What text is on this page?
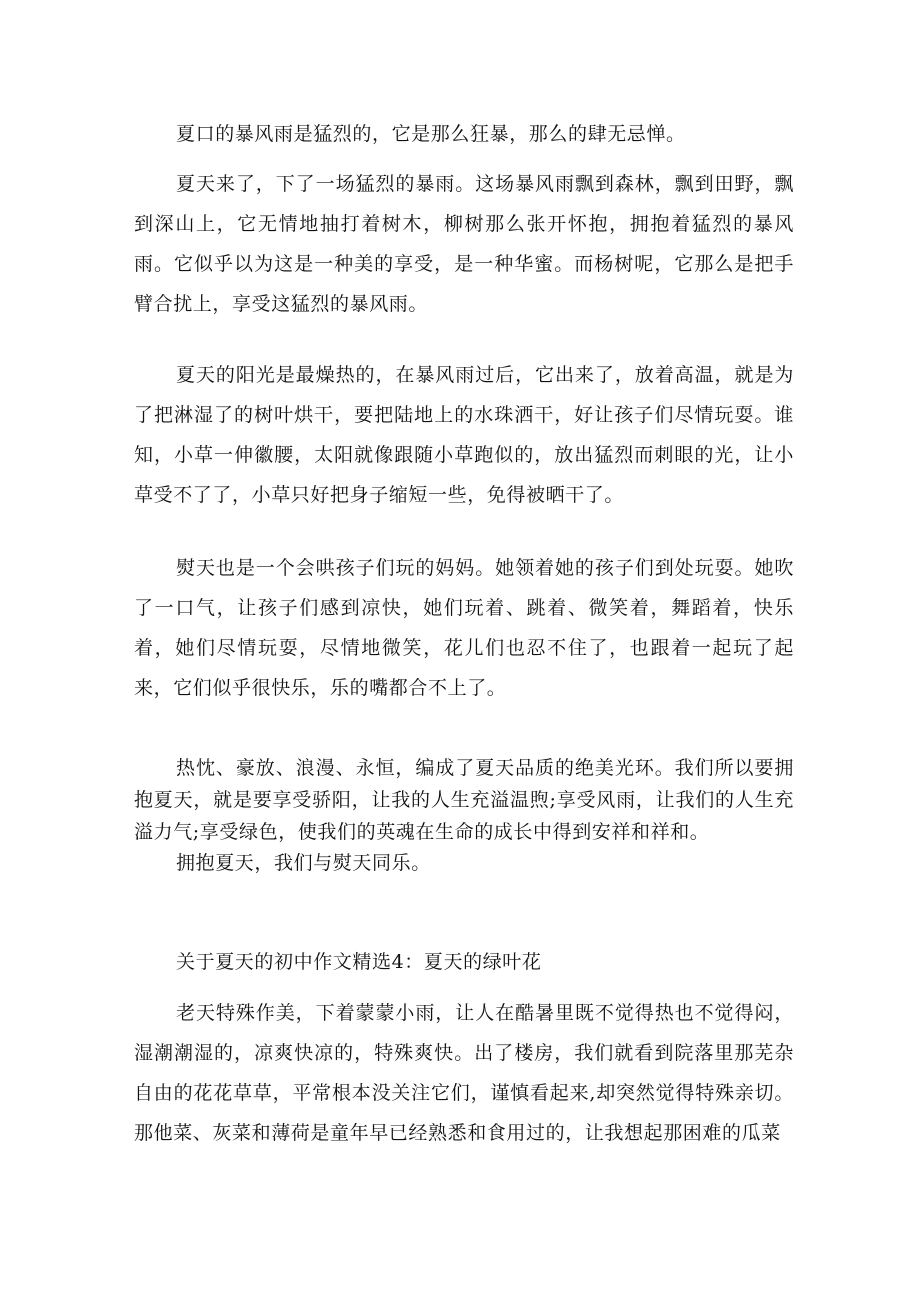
夏口的暴风雨是猛烈的，它是那么狂暴，那么的肆无忌惮。

夏天来了，下了一场猛烈的暴雨。这场暴风雨飘到森林，飘到田野，飘到深山上，它无情地抽打着树木，柳树那么张开怀抱，拥抱着猛烈的暴风雨。它似乎以为这是一种美的享受，是一种华蜜。而杨树呢，它那么是把手臂合扰上，享受这猛烈的暴风雨。

夏天的阳光是最燥热的，在暴风雨过后，它出来了，放着高温，就是为了把淋湿了的树叶烘干，要把陆地上的水珠洒干，好让孩子们尽情玩耍。谁知，小草一伸徽腰，太阳就像跟随小草跑似的，放出猛烈而刺眼的光，让小草受不了了，小草只好把身子缩短一些，免得被晒干了。

熨天也是一个会哄孩子们玩的妈妈。她领着她的孩子们到处玩耍。她吹了一口气，让孩子们感到凉快，她们玩着、跳着、微笑着，舞蹈着，快乐着，她们尽情玩耍，尽情地微笑，花儿们也忍不住了，也跟着一起玩了起来，它们似乎很快乐，乐的嘴都合不上了。

热忱、豪放、浪漫、永恒，编成了夏天品质的绝美光环。我们所以要拥抱夏天，就是要享受骄阳，让我的人生充溢温煦;享受风雨，让我们的人生充溢力气;享受绿色，使我们的英魂在生命的成长中得到安祥和祥和。

拥抱夏天，我们与熨天同乐。

关于夏天的初中作文精选4：夏天的绿叶花

老天特殊作美，下着蒙蒙小雨，让人在酷暑里既不觉得热也不觉得闷，湿潮潮湿的，凉爽快凉的，特殊爽快。出了楼房，我们就看到院落里那芜杂自由的花花草草，平常根本没关注它们，谨慎看起来,却突然觉得特殊亲切。那他菜、灰菜和薄荷是童年早已经熟悉和食用过的，让我想起那困难的瓜菜
